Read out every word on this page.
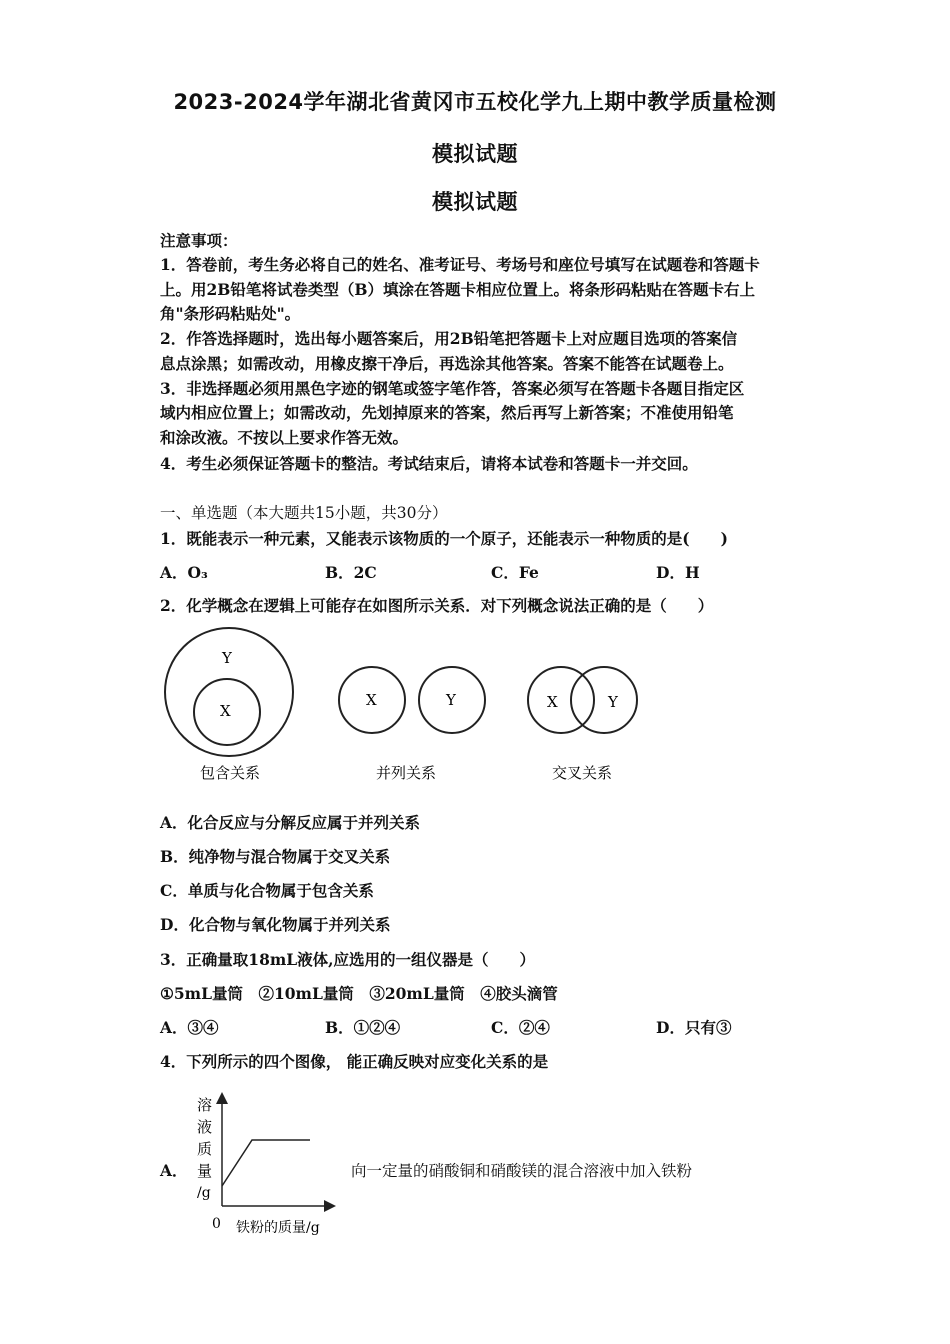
2023-2024学年湖北省黄冈市五校化学九上期中教学质量检测
模拟试题
模拟试题
注意事项：
1．答卷前，考生务必将自己的姓名、准考证号、考场号和座位号填写在试题卷和答题卡
上。用2B铅笔将试卷类型（B）填涂在答题卡相应位置上。将条形码粘贴在答题卡右上
角"条形码粘贴处"。
2．作答选择题时，选出每小题答案后，用2B铅笔把答题卡上对应题目选项的答案信
息点涂黑；如需改动，用橡皮擦干净后，再选涂其他答案。答案不能答在试题卷上。
3．非选择题必须用黑色字迹的钢笔或签字笔作答，答案必须写在答题卡各题目指定区
域内相应位置上；如需改动，先划掉原来的答案，然后再写上新答案；不准使用铅笔
和涂改液。不按以上要求作答无效。
4．考生必须保证答题卡的整洁。考试结束后，请将本试卷和答题卡一并交回。
一、单选题（本大题共15小题，共30分）
1．既能表示一种元素，又能表示该物质的一个原子，还能表示一种物质的是(　　)
A．O₃	B．2C	C．Fe	D．H
2．化学概念在逻辑上可能存在如图所示关系．对下列概念说法正确的是（　　）
Y
X
包含关系
X	Y
并列关系
X	Y
交叉关系
A．化合反应与分解反应属于并列关系
B．纯净物与混合物属于交叉关系
C．单质与化合物属于包含关系
D．化合物与氧化物属于并列关系
3．正确量取18mL液体,应选用的一组仪器是（　　）
①5mL量筒　②10mL量筒　③20mL量筒　④胶头滴管
A．③④	B．①②④	C．②④	D．只有③
4．下列所示的四个图像， 能正确反映对应变化关系的是
A．	向一定量的硝酸铜和硝酸镁的混合溶液中加入铁粉
溶
液
质
量
/g
0 铁粉的质量/g
